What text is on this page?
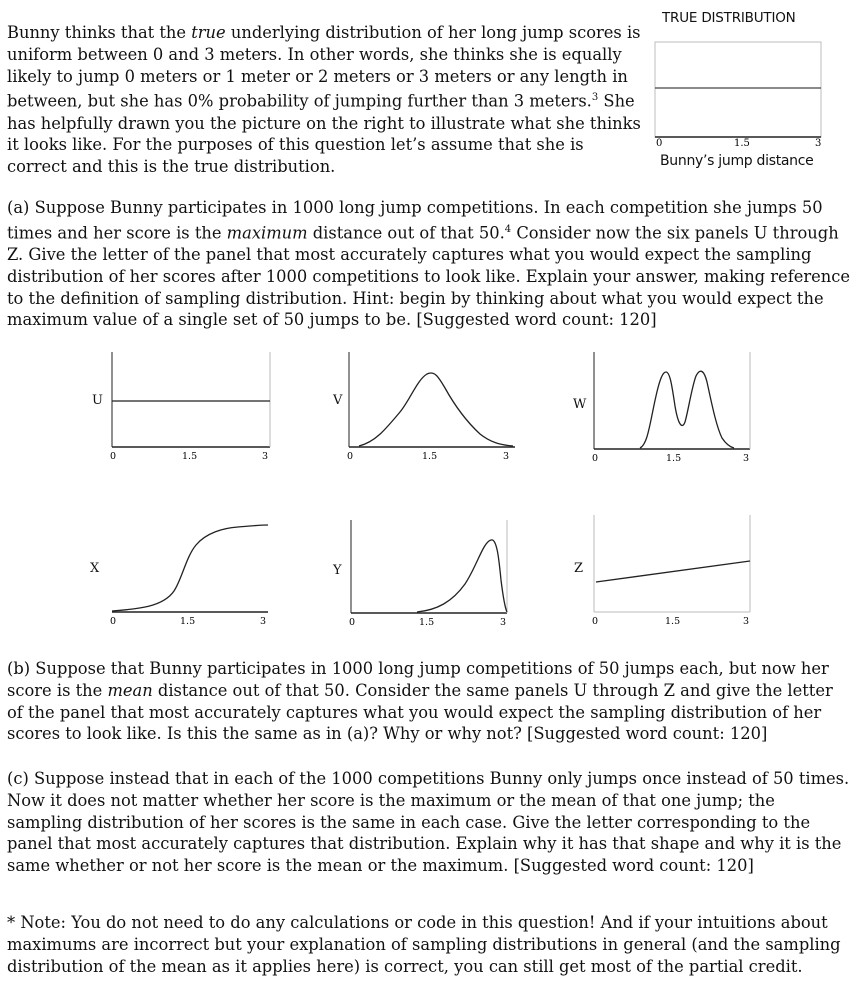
Bunny thinks that the true underlying distribution of her long jump scores is uniform between 0 and 3 meters. In other words, she thinks she is equally likely to jump 0 meters or 1 meter or 2 meters or 3 meters or any length in between, but she has 0% probability of jumping further than 3 meters.$^3$ She has helpfully drawn you the picture on the right to illustrate what she thinks it looks like. For the purposes of this question let’s assume that she is correct and this is the true distribution.

TRUE DISTRIBUTION
0	1.5	3
Bunny’s jump distance

(a) Suppose Bunny participates in 1000 long jump competitions. In each competition she jumps 50 times and her score is the maximum distance out of that 50.$^4$ Consider now the six panels U through Z. Give the letter of the panel that most accurately captures what you would expect the sampling distribution of her scores after 1000 competitions to look like. Explain your answer, making reference to the definition of sampling distribution. Hint: begin by thinking about what you would expect the maximum value of a single set of 50 jumps to be. [Suggested word count: 120]

U
0	1.5	3
V
0	1.5	3
W
0	1.5	3
X
0	1.5	3
Y
0	1.5	3
Z
0	1.5	3

(b) Suppose that Bunny participates in 1000 long jump competitions of 50 jumps each, but now her score is the mean distance out of that 50. Consider the same panels U through Z and give the letter of the panel that most accurately captures what you would expect the sampling distribution of her scores to look like. Is this the same as in (a)? Why or why not? [Suggested word count: 120]

(c) Suppose instead that in each of the 1000 competitions Bunny only jumps once instead of 50 times. Now it does not matter whether her score is the maximum or the mean of that one jump; the sampling distribution of her scores is the same in each case. Give the letter corresponding to the panel that most accurately captures that distribution. Explain why it has that shape and why it is the same whether or not her score is the mean or the maximum. [Suggested word count: 120]

* Note: You do not need to do any calculations or code in this question! And if your intuitions about maximums are incorrect but your explanation of sampling distributions in general (and the sampling distribution of the mean as it applies here) is correct, you can still get most of the partial credit.
